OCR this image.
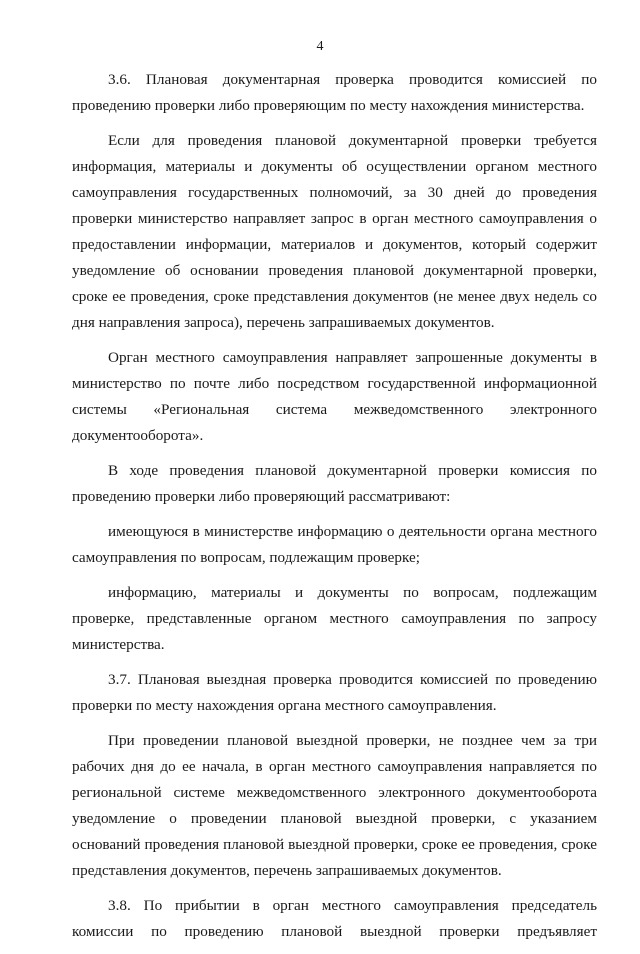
4

3.6. Плановая документарная проверка проводится комиссией по проведению проверки либо проверяющим по месту нахождения министерства.

Если для проведения плановой документарной проверки требуется информация, материалы и документы об осуществлении органом местного самоуправления государственных полномочий, за 30 дней до проведения проверки министерство направляет запрос в орган местного самоуправления о предоставлении информации, материалов и документов, который содержит уведомление об основании проведения плановой документарной проверки, сроке ее проведения, сроке представления документов (не менее двух недель со дня направления запроса), перечень запрашиваемых документов.

Орган местного самоуправления направляет запрошенные документы в министерство по почте либо посредством государственной информационной системы «Региональная система межведомственного электронного документооборота».

В ходе проведения плановой документарной проверки комиссия по проведению проверки либо проверяющий рассматривают:

имеющуюся в министерстве информацию о деятельности органа местного самоуправления по вопросам, подлежащим проверке;

информацию, материалы и документы по вопросам, подлежащим проверке, представленные органом местного самоуправления по запросу министерства.

3.7. Плановая выездная проверка проводится комиссией по проведению проверки по месту нахождения органа местного самоуправления.

При проведении плановой выездной проверки, не позднее чем за три рабочих дня до ее начала, в орган местного самоуправления направляется по региональной системе межведомственного электронного документооборота уведомление о проведении плановой выездной проверки, с указанием оснований проведения плановой выездной проверки, сроке ее проведения, сроке представления документов, перечень запрашиваемых документов.

3.8. По прибытии в орган местного самоуправления председатель комиссии по проведению плановой выездной проверки предъявляет
